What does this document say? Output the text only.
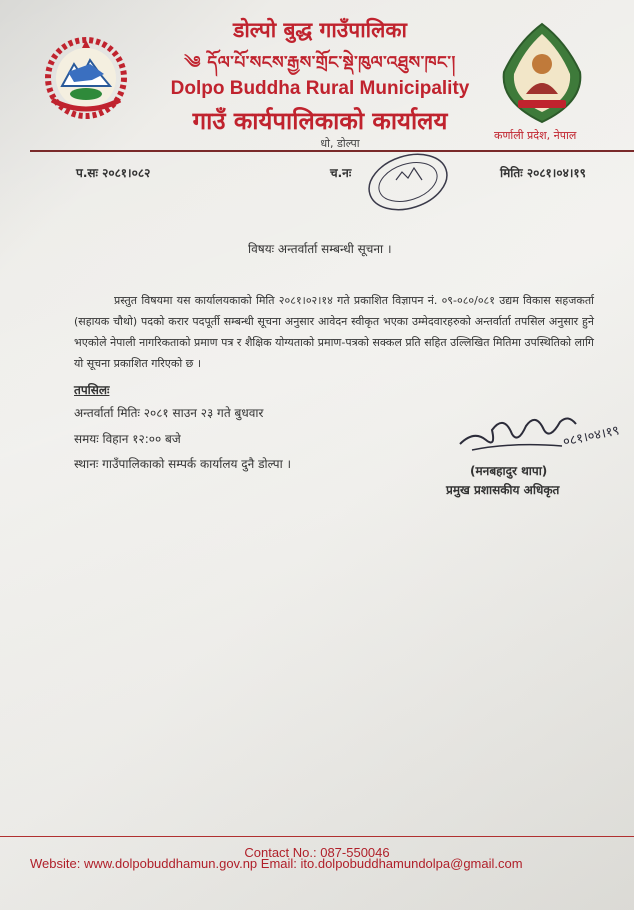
डोल्पो बुद्ध गाउँपालिका
༄ དོལ་པོ་སངས་རྒྱས་གྲོང་སྡེ་ཁུལ་འཐུས་ཁང་།
Dolpo Buddha Rural Municipality
गाउँ कार्यपालिकाको कार्यालय
धो, डोल्पा
कर्णाली प्रदेश, नेपाल
प.सः २०८१।०८२	च.नः	मितिः २०८१।०४।१९
विषयः अन्तर्वार्ता सम्बन्धी सूचना ।
प्रस्तुत विषयमा यस कार्यालयकाको मिति २०८१।०२।१४ गते प्रकाशित विज्ञापन नं. ०९-०८०/०८१ उद्यम विकास सहजकर्ता (सहायक चौथो) पदको करार पदपूर्ती सम्बन्धी सूचना अनुसार आवेदन स्वीकृत भएका उम्मेदवारहरुको अन्तर्वार्ता तपसिल अनुसार हुने भएकोले नेपाली नागरिकताको प्रमाण पत्र र शैक्षिक योग्यताको प्रमाण-पत्रको सक्कल प्रति सहित उल्लिखित मितिमा उपस्थितिको लागि यो सूचना प्रकाशित गरिएको छ ।
तपसिलः
अन्तर्वार्ता मितिः २०८१ साउन २३ गते बुधवार
समयः विहान १२:०० बजे
स्थानः गाउँपालिकाको सम्पर्क कार्यालय दुनै डोल्पा ।
०८१।०४।१९
(मनबहादुर थापा)
प्रमुख प्रशासकीय अधिकृत
Contact No.: 087-550046
Website: www.dolpobuddhamun.gov.np Email: ito.dolpobuddhamundolpa@gmail.com
